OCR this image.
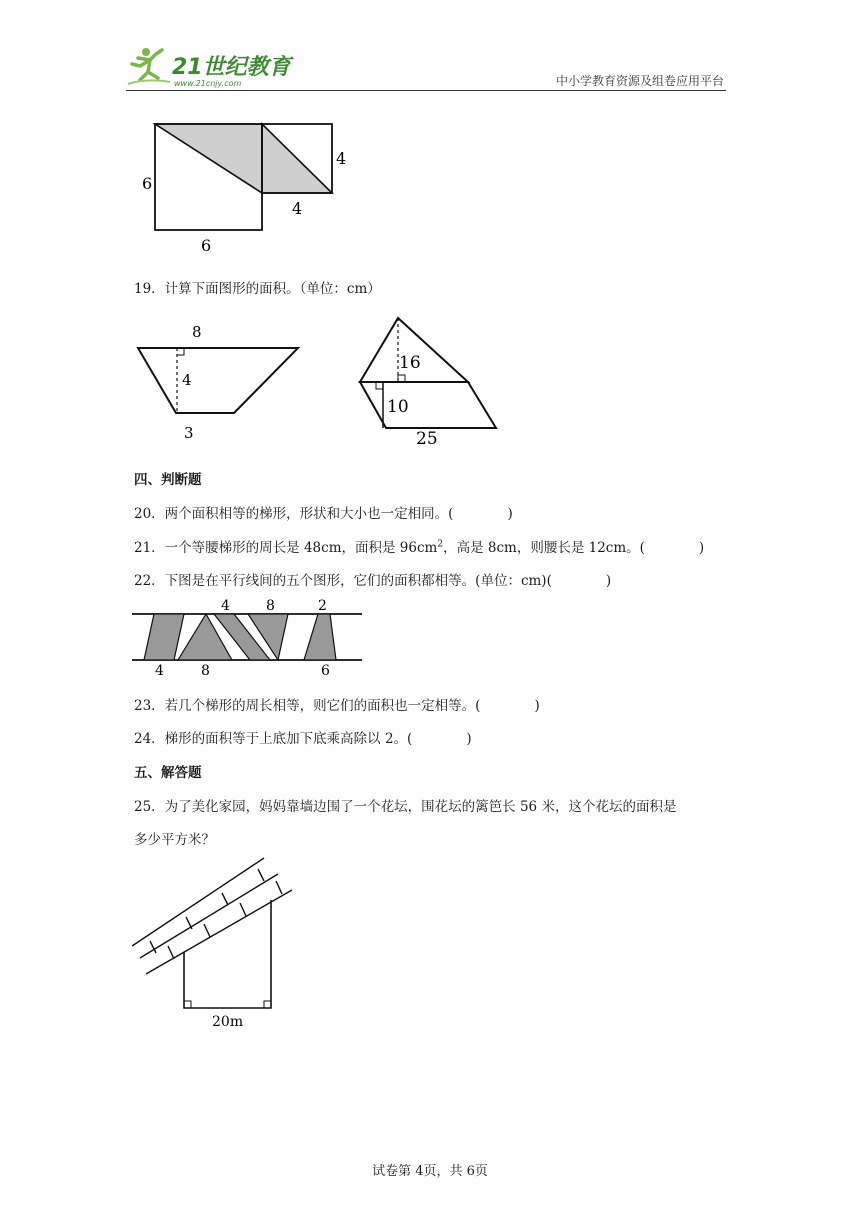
21世纪教育
www.21cnjy.com	中小学教育资源及组卷应用平台
6
6
4
4
19．计算下面图形的面积。（单位：cm）
8
4
3
16
10
25
四、判断题
20．两个面积相等的梯形，形状和大小也一定相同。(　　　　)
21．一个等腰梯形的周长是 48cm，面积是 $96cm^2$，高是 8cm，则腰长是 12cm。(　　　　)
22．下图是在平行线间的五个图形，它们的面积都相等。(单位：cm)(　　　　)
4	8	2
4	8	6
23．若几个梯形的周长相等，则它们的面积也一定相等。(　　　　)
24．梯形的面积等于上底加下底乘高除以 2。(　　　　)
五、解答题
25．为了美化家园，妈妈靠墙边围了一个花坛，围花坛的篱笆长 56 米，这个花坛的面积是
多少平方米？
20m
试卷第 4页，共 6页
